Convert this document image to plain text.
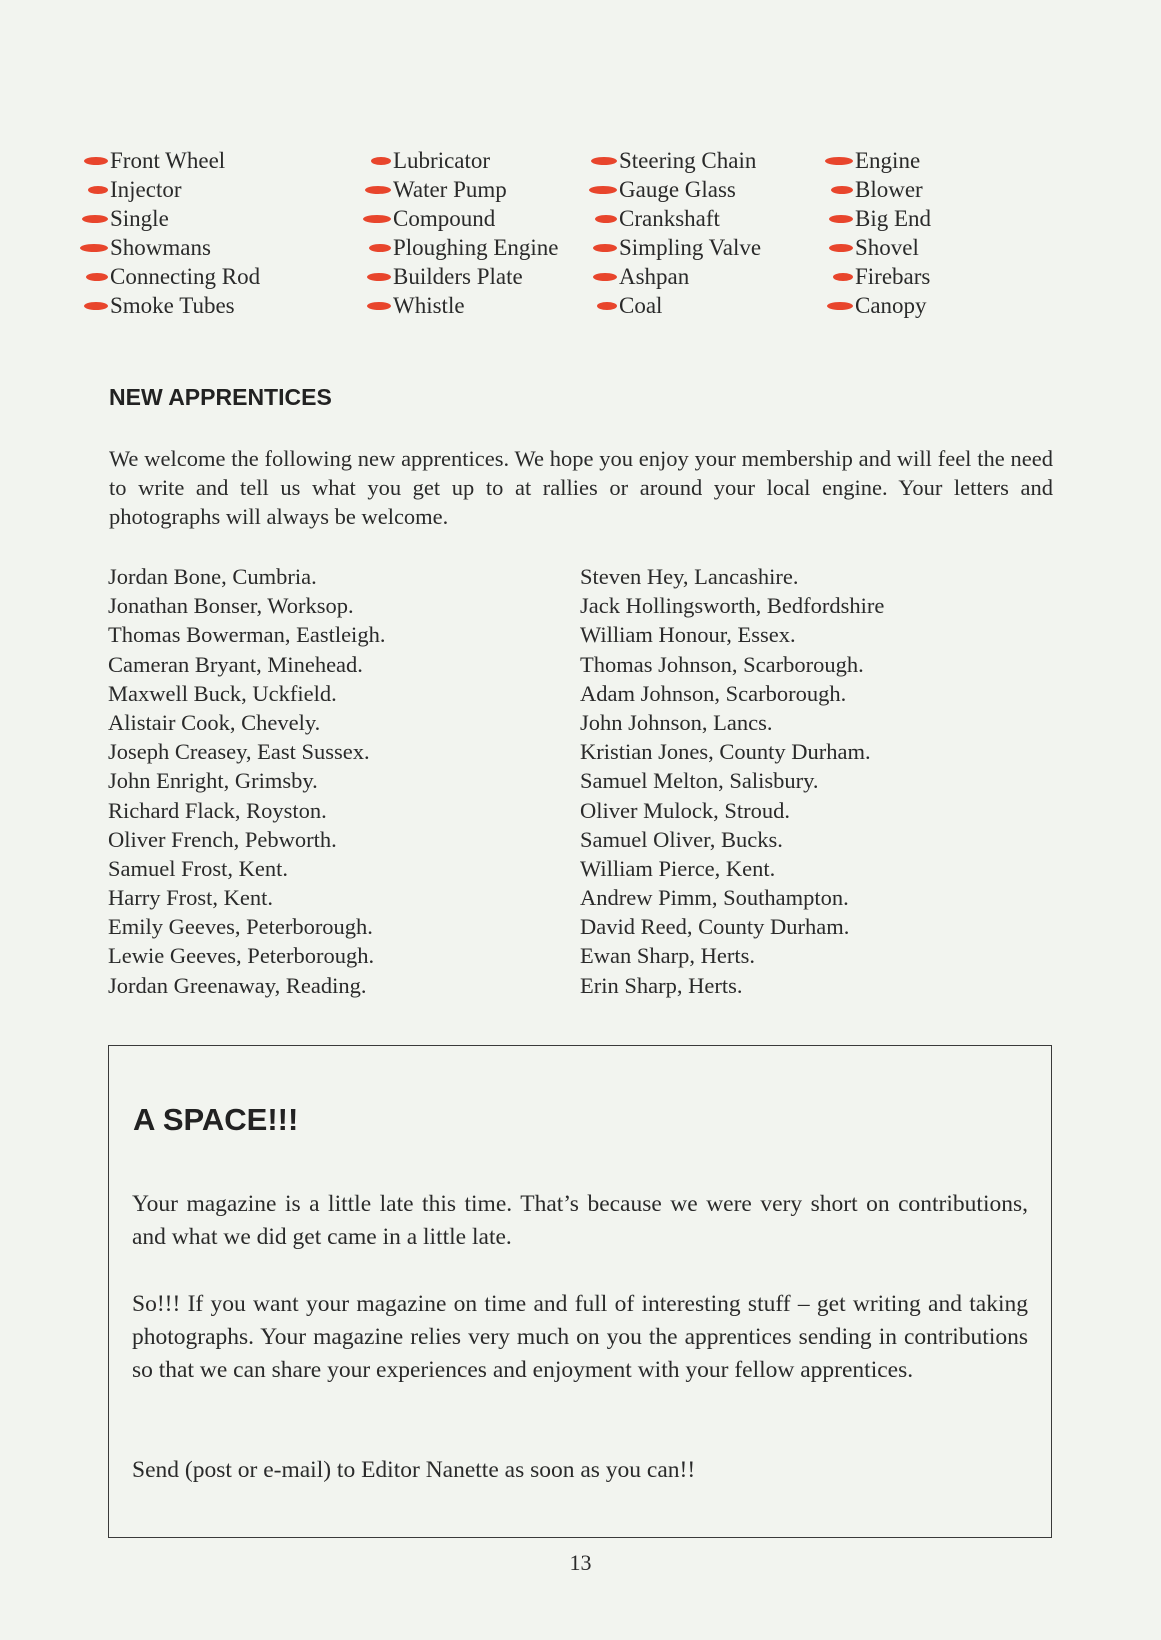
Front Wheel
Injector
Single
Showmans
Connecting Rod
Smoke Tubes
Lubricator
Water Pump
Compound
Ploughing Engine
Builders Plate
Whistle
Steering Chain
Gauge Glass
Crankshaft
Simpling Valve
Ashpan
Coal
Engine
Blower
Big End
Shovel
Firebars
Canopy
NEW APPRENTICES
We welcome the following new apprentices. We hope you enjoy your membership and will feel the need to write and tell us what you get up to at rallies or around your local engine. Your letters and photographs will always be welcome.
Jordan Bone, Cumbria.
Jonathan Bonser, Worksop.
Thomas Bowerman, Eastleigh.
Cameran Bryant, Minehead.
Maxwell Buck, Uckfield.
Alistair Cook, Chevely.
Joseph Creasey, East Sussex.
John Enright, Grimsby.
Richard Flack, Royston.
Oliver French, Pebworth.
Samuel Frost, Kent.
Harry Frost, Kent.
Emily Geeves, Peterborough.
Lewie Geeves, Peterborough.
Jordan Greenaway, Reading.
Steven Hey, Lancashire.
Jack Hollingsworth, Bedfordshire
William Honour, Essex.
Thomas Johnson, Scarborough.
Adam Johnson, Scarborough.
John Johnson, Lancs.
Kristian Jones, County Durham.
Samuel Melton, Salisbury.
Oliver Mulock, Stroud.
Samuel Oliver, Bucks.
William Pierce, Kent.
Andrew Pimm, Southampton.
David Reed, County Durham.
Ewan Sharp, Herts.
Erin Sharp, Herts.
A SPACE!!!
Your magazine is a little late this time. That’s because we were very short on contributions, and what we did get came in a little late.
So!!! If you want your magazine on time and full of interesting stuff – get writing and taking photographs. Your magazine relies very much on you the apprentices sending in contributions so that we can share your experiences and enjoyment with your fellow apprentices.
Send (post or e-mail) to Editor Nanette as soon as you can!!
13
